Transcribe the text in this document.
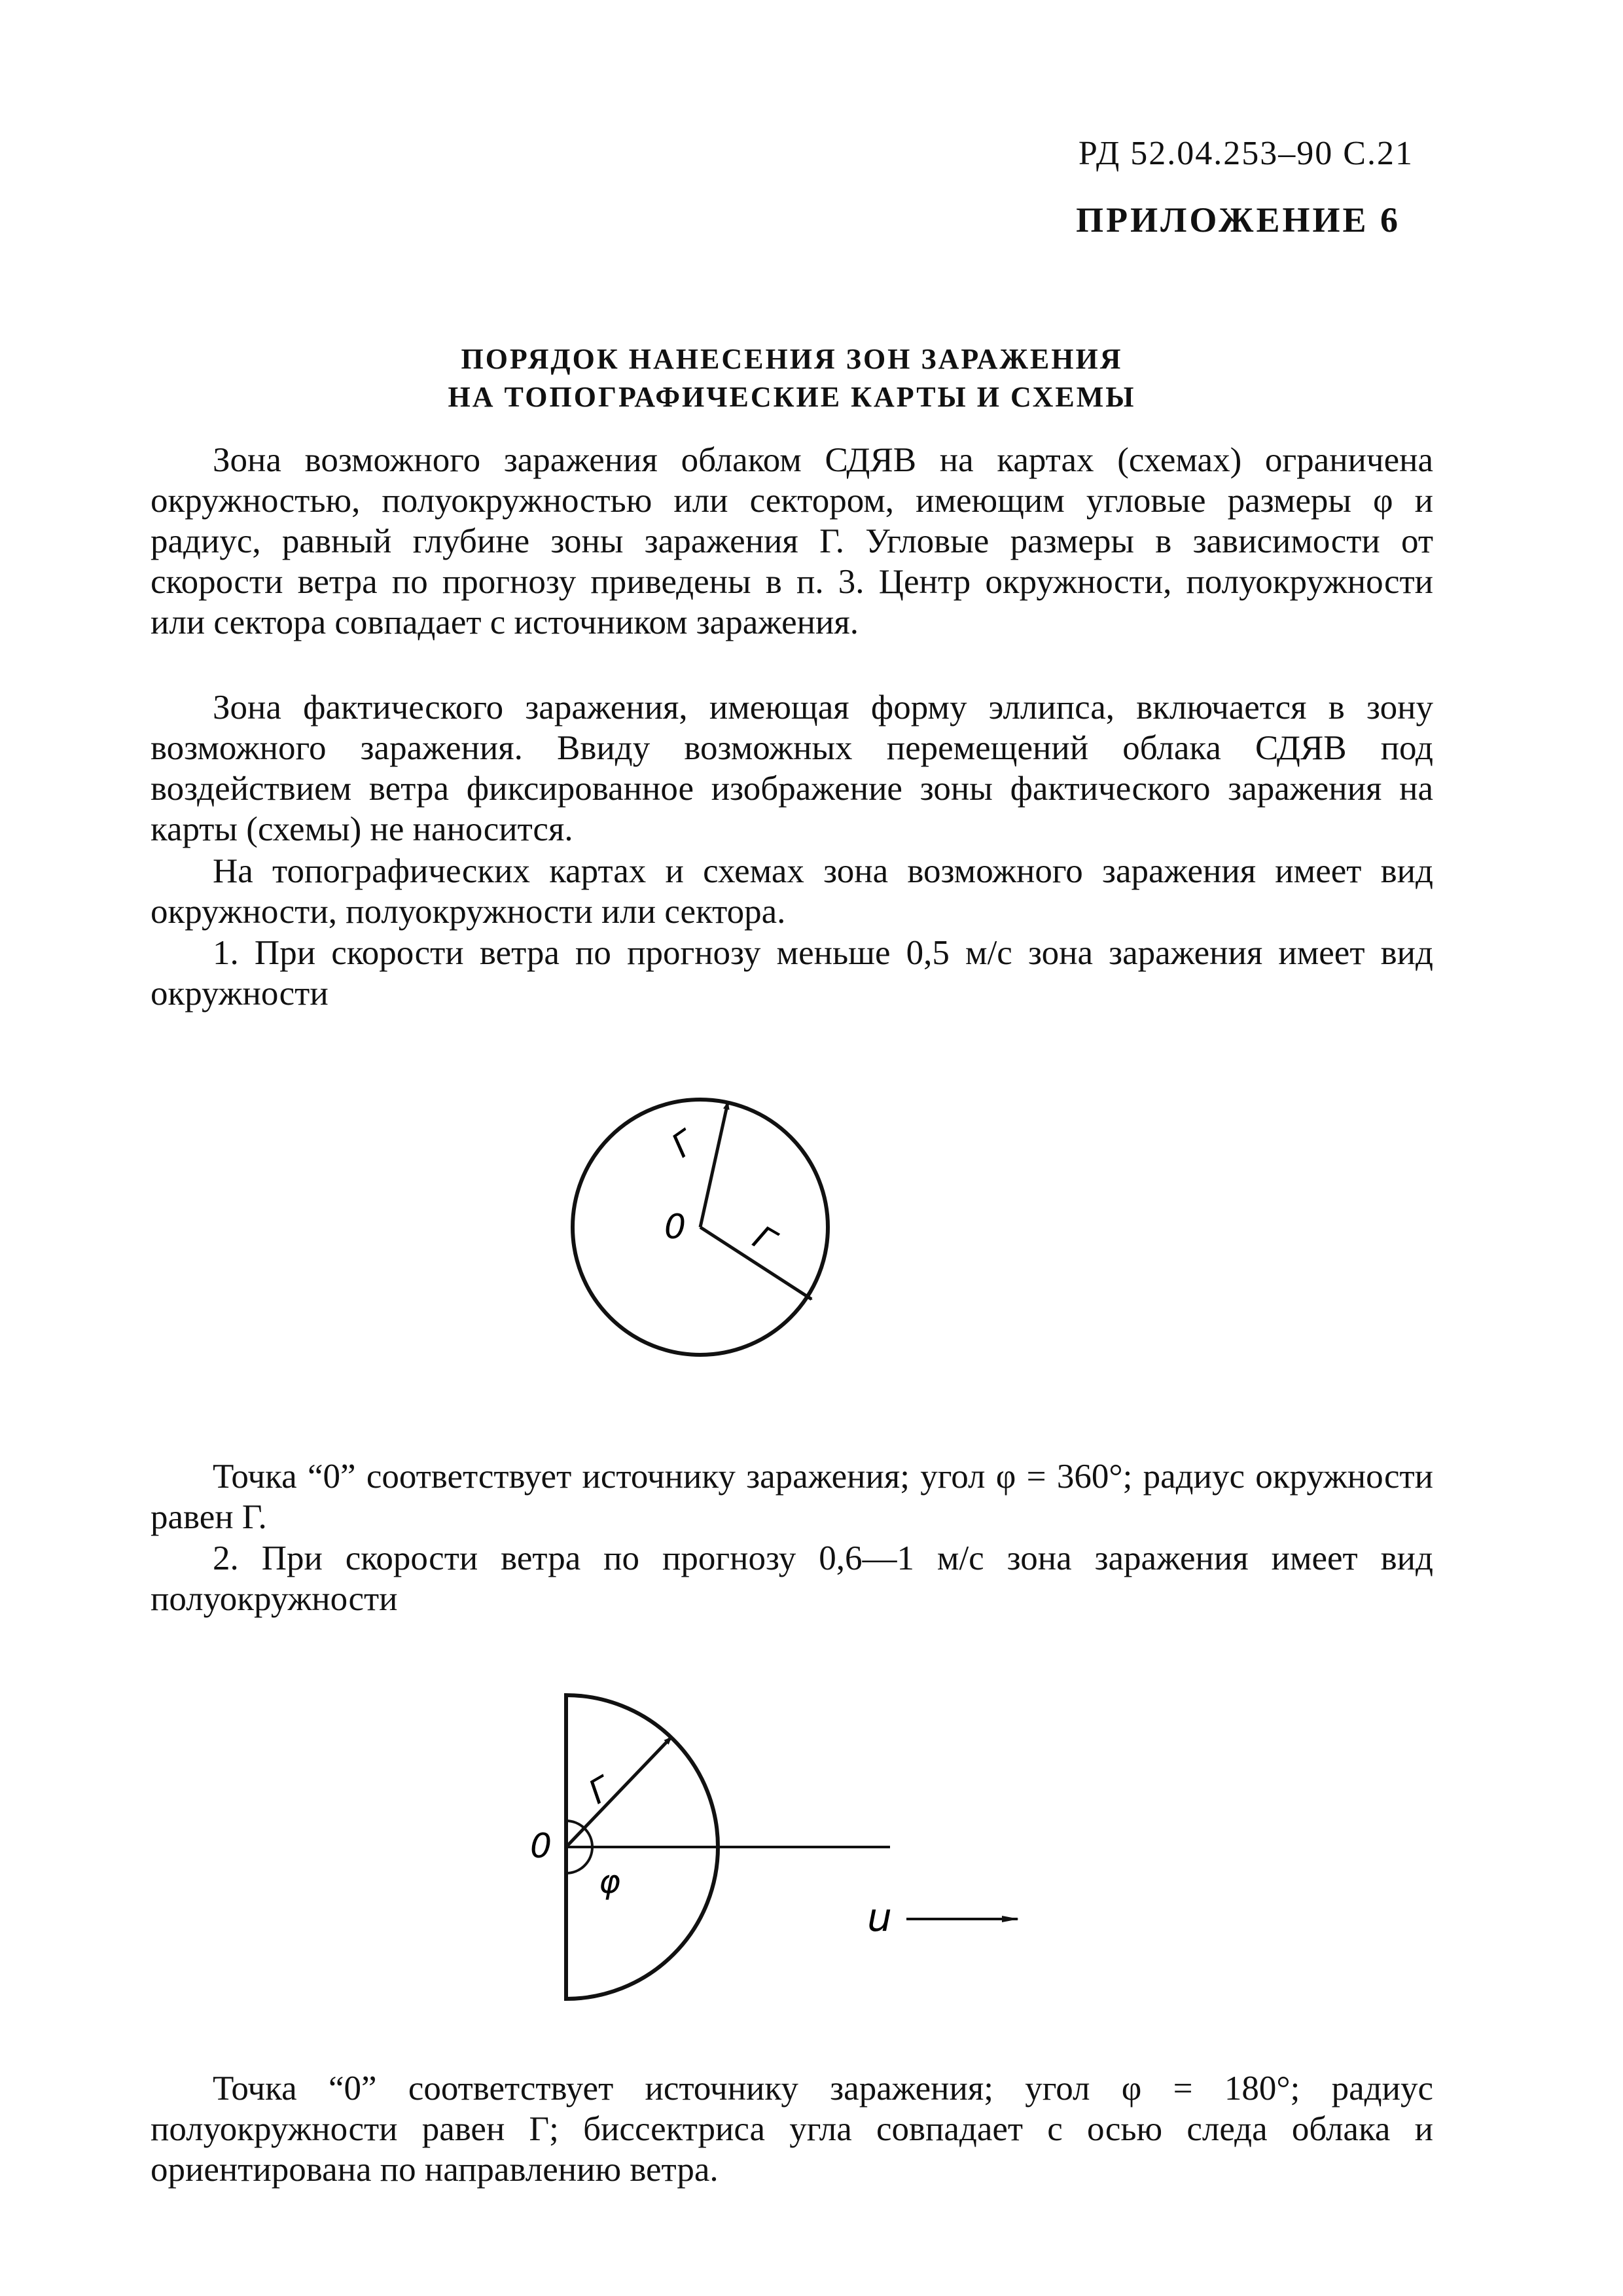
РД 52.04.253–90 С.21
ПРИЛОЖЕНИЕ 6
ПОРЯДОК НАНЕСЕНИЯ ЗОН ЗАРАЖЕНИЯ
НА ТОПОГРАФИЧЕСКИЕ КАРТЫ И СХЕМЫ

Зона возможного заражения облаком СДЯВ на картах (схемах) ограничена окружностью, полуокружностью или сектором, имеющим угловые размеры φ и радиус, равный глубине зоны заражения Г. Угловые размеры в зависимости от скорости ветра по прогнозу приведены в п. 3. Центр окружности, полуокружности или сектора совпадает с источником заражения.

Зона фактического заражения, имеющая форму эллипса, включается в зону возможного заражения. Ввиду возможных перемещений облака СДЯВ под воздействием ветра фиксированное изображение зоны фактического заражения на карты (схемы) не наносится.

На топографических картах и схемах зона возможного заражения имеет вид окружности, полуокружности или сектора.

1. При скорости ветра по прогнозу меньше 0,5 м/с зона заражения имеет вид окружности

0
Г
Г

Точка “0” соответствует источнику заражения; угол φ = 360°; радиус окружности равен Г.

2. При скорости ветра по прогнозу 0,6—1 м/с зона заражения имеет вид полуокружности

0
Г
φ
u

Точка “0” соответствует источнику заражения; угол φ = 180°; радиус полуокружности равен Г; биссектриса угла совпадает с осью следа облака и ориентирована по направлению ветра.
